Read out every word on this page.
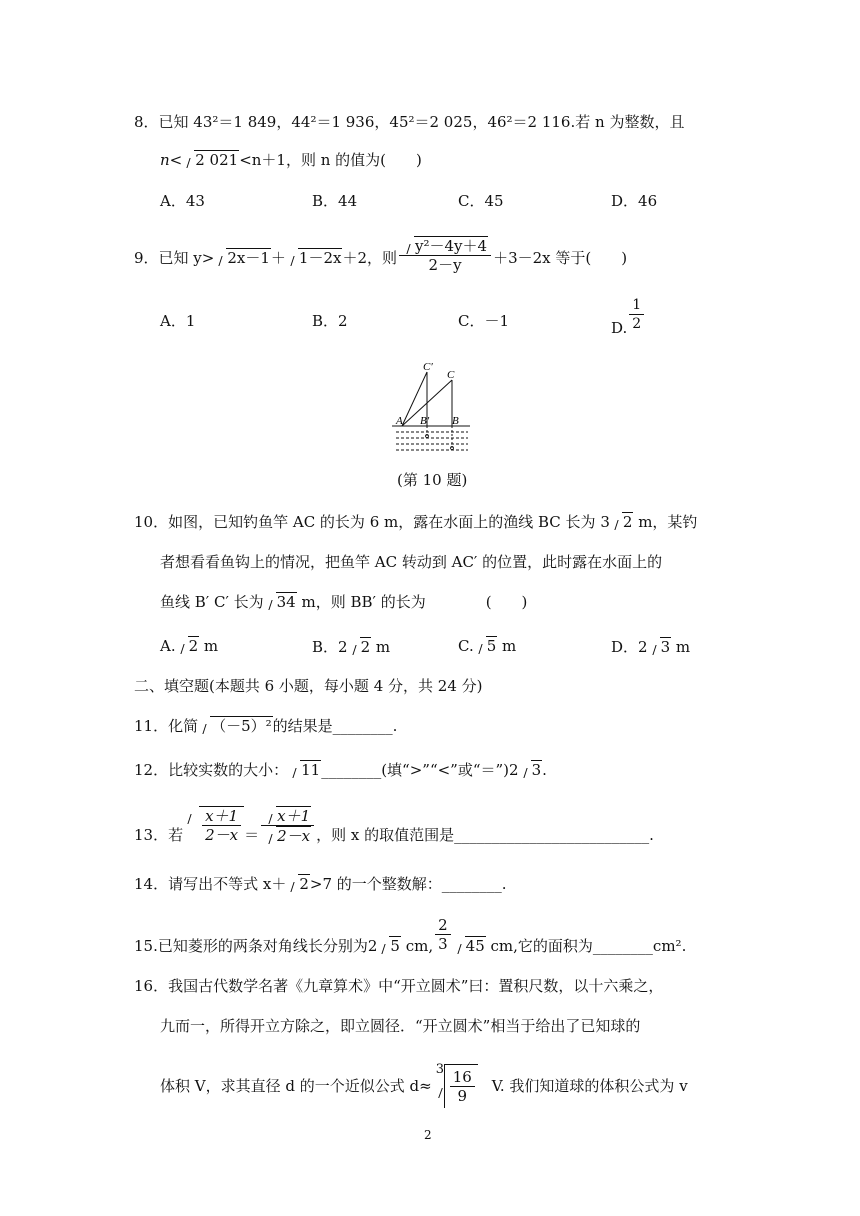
8．已知 43²＝1 849，44²＝1 936，45²＝2 025，46²＝2 116.若 n 为整数，且
n< 2 021<n＋1，则 n 的值为(　　)
A．43	B．44	C．45	D．46
9．已知 y> 2x－1＋ 1－2x＋2，则 $\frac{\text{y²－4y＋4}}{2-y} +3-2x$ 等于(　　)
A．1	B．2	C．－1	D. $\frac{1}{2}$
C′
C
A B′ B
(第 10 题)
10．如图，已知钓鱼竿 AC 的长为 6 m，露在水面上的渔线 BC 长为 3 2 m，某钓
者想看看鱼钩上的情况，把鱼竿 AC 转动到 AC′ 的位置，此时露在水面上的
鱼线 B′ C′ 长为 34 m，则 BB′ 的长为　　　　(　　)
A. 2 m	B．2 2 m	C. 5 m	D．2 3 m
二、填空题(本题共 6 小题，每小题 4 分，共 24 分)
11．化简 （－5）²的结果是________.
12．比较实数的大小： 11________(填“>”“<”或“＝”)2 3.
13．若 $\frac{x+1}{2-x} = \frac{x+1}{2-x}$ ，则 x 的取值范围是__________________________.
14．请写出不等式 x＋ 2>7 的一个整数解：________.
15.已知菱形的两条对角线长分别为2 5 cm, $\frac{2}{3} 45$ cm,它的面积为________cm².
16．我国古代数学名著《九章算术》中“开立圆术”曰：置积尺数，以十六乘之，
九而一，所得开立方除之，即立圆径．“开立圆术”相当于给出了已知球的
体积 V，求其直径 d 的一个近似公式 d≈
$3 \frac{16}{9} V$. 我们知道球的体积公式为 v
2
